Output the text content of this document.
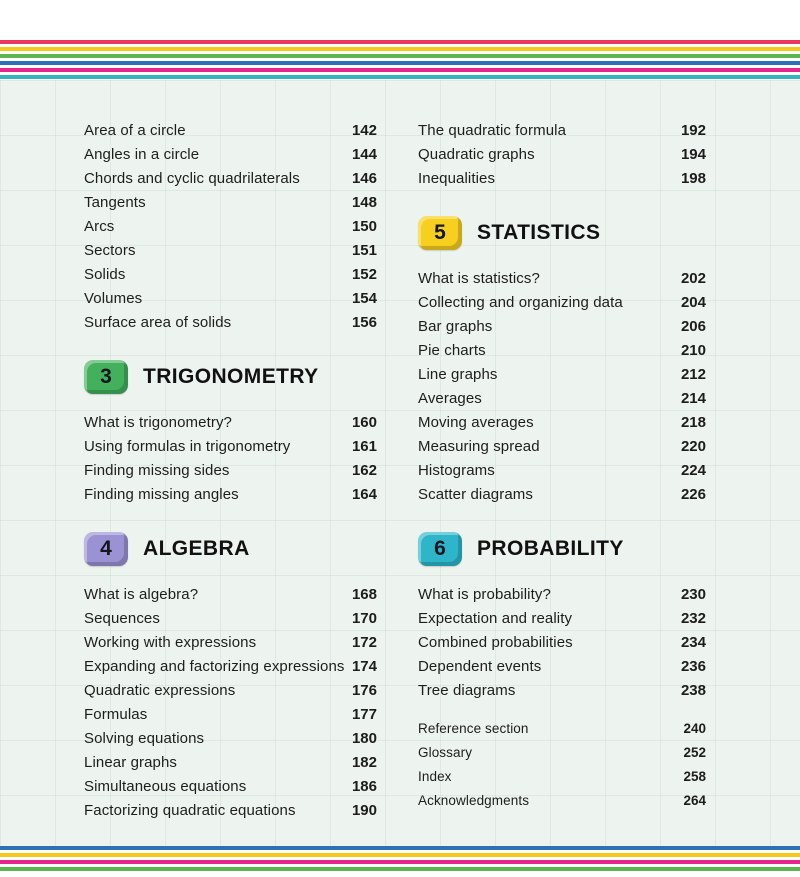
Area of a circle	142
Angles in a circle	144
Chords and cyclic quadrilaterals	146
Tangents	148
Arcs	150
Sectors	151
Solids	152
Volumes	154
Surface area of solids	156
3	TRIGONOMETRY
What is trigonometry?	160
Using formulas in trigonometry	161
Finding missing sides	162
Finding missing angles	164
4	ALGEBRA
What is algebra?	168
Sequences	170
Working with expressions	172
Expanding and factorizing expressions 174
Quadratic expressions	176
Formulas	177
Solving equations	180
Linear graphs	182
Simultaneous equations	186
Factorizing quadratic equations	190
The quadratic formula	192
Quadratic graphs	194
Inequalities	198
5	STATISTICS
What is statistics?	202
Collecting and organizing data	204
Bar graphs	206
Pie charts	210
Line graphs	212
Averages	214
Moving averages	218
Measuring spread	220
Histograms	224
Scatter diagrams	226
6	PROBABILITY
What is probability?	230
Expectation and reality	232
Combined probabilities	234
Dependent events	236
Tree diagrams	238
Reference section	240
Glossary	252
Index	258
Acknowledgments	264
